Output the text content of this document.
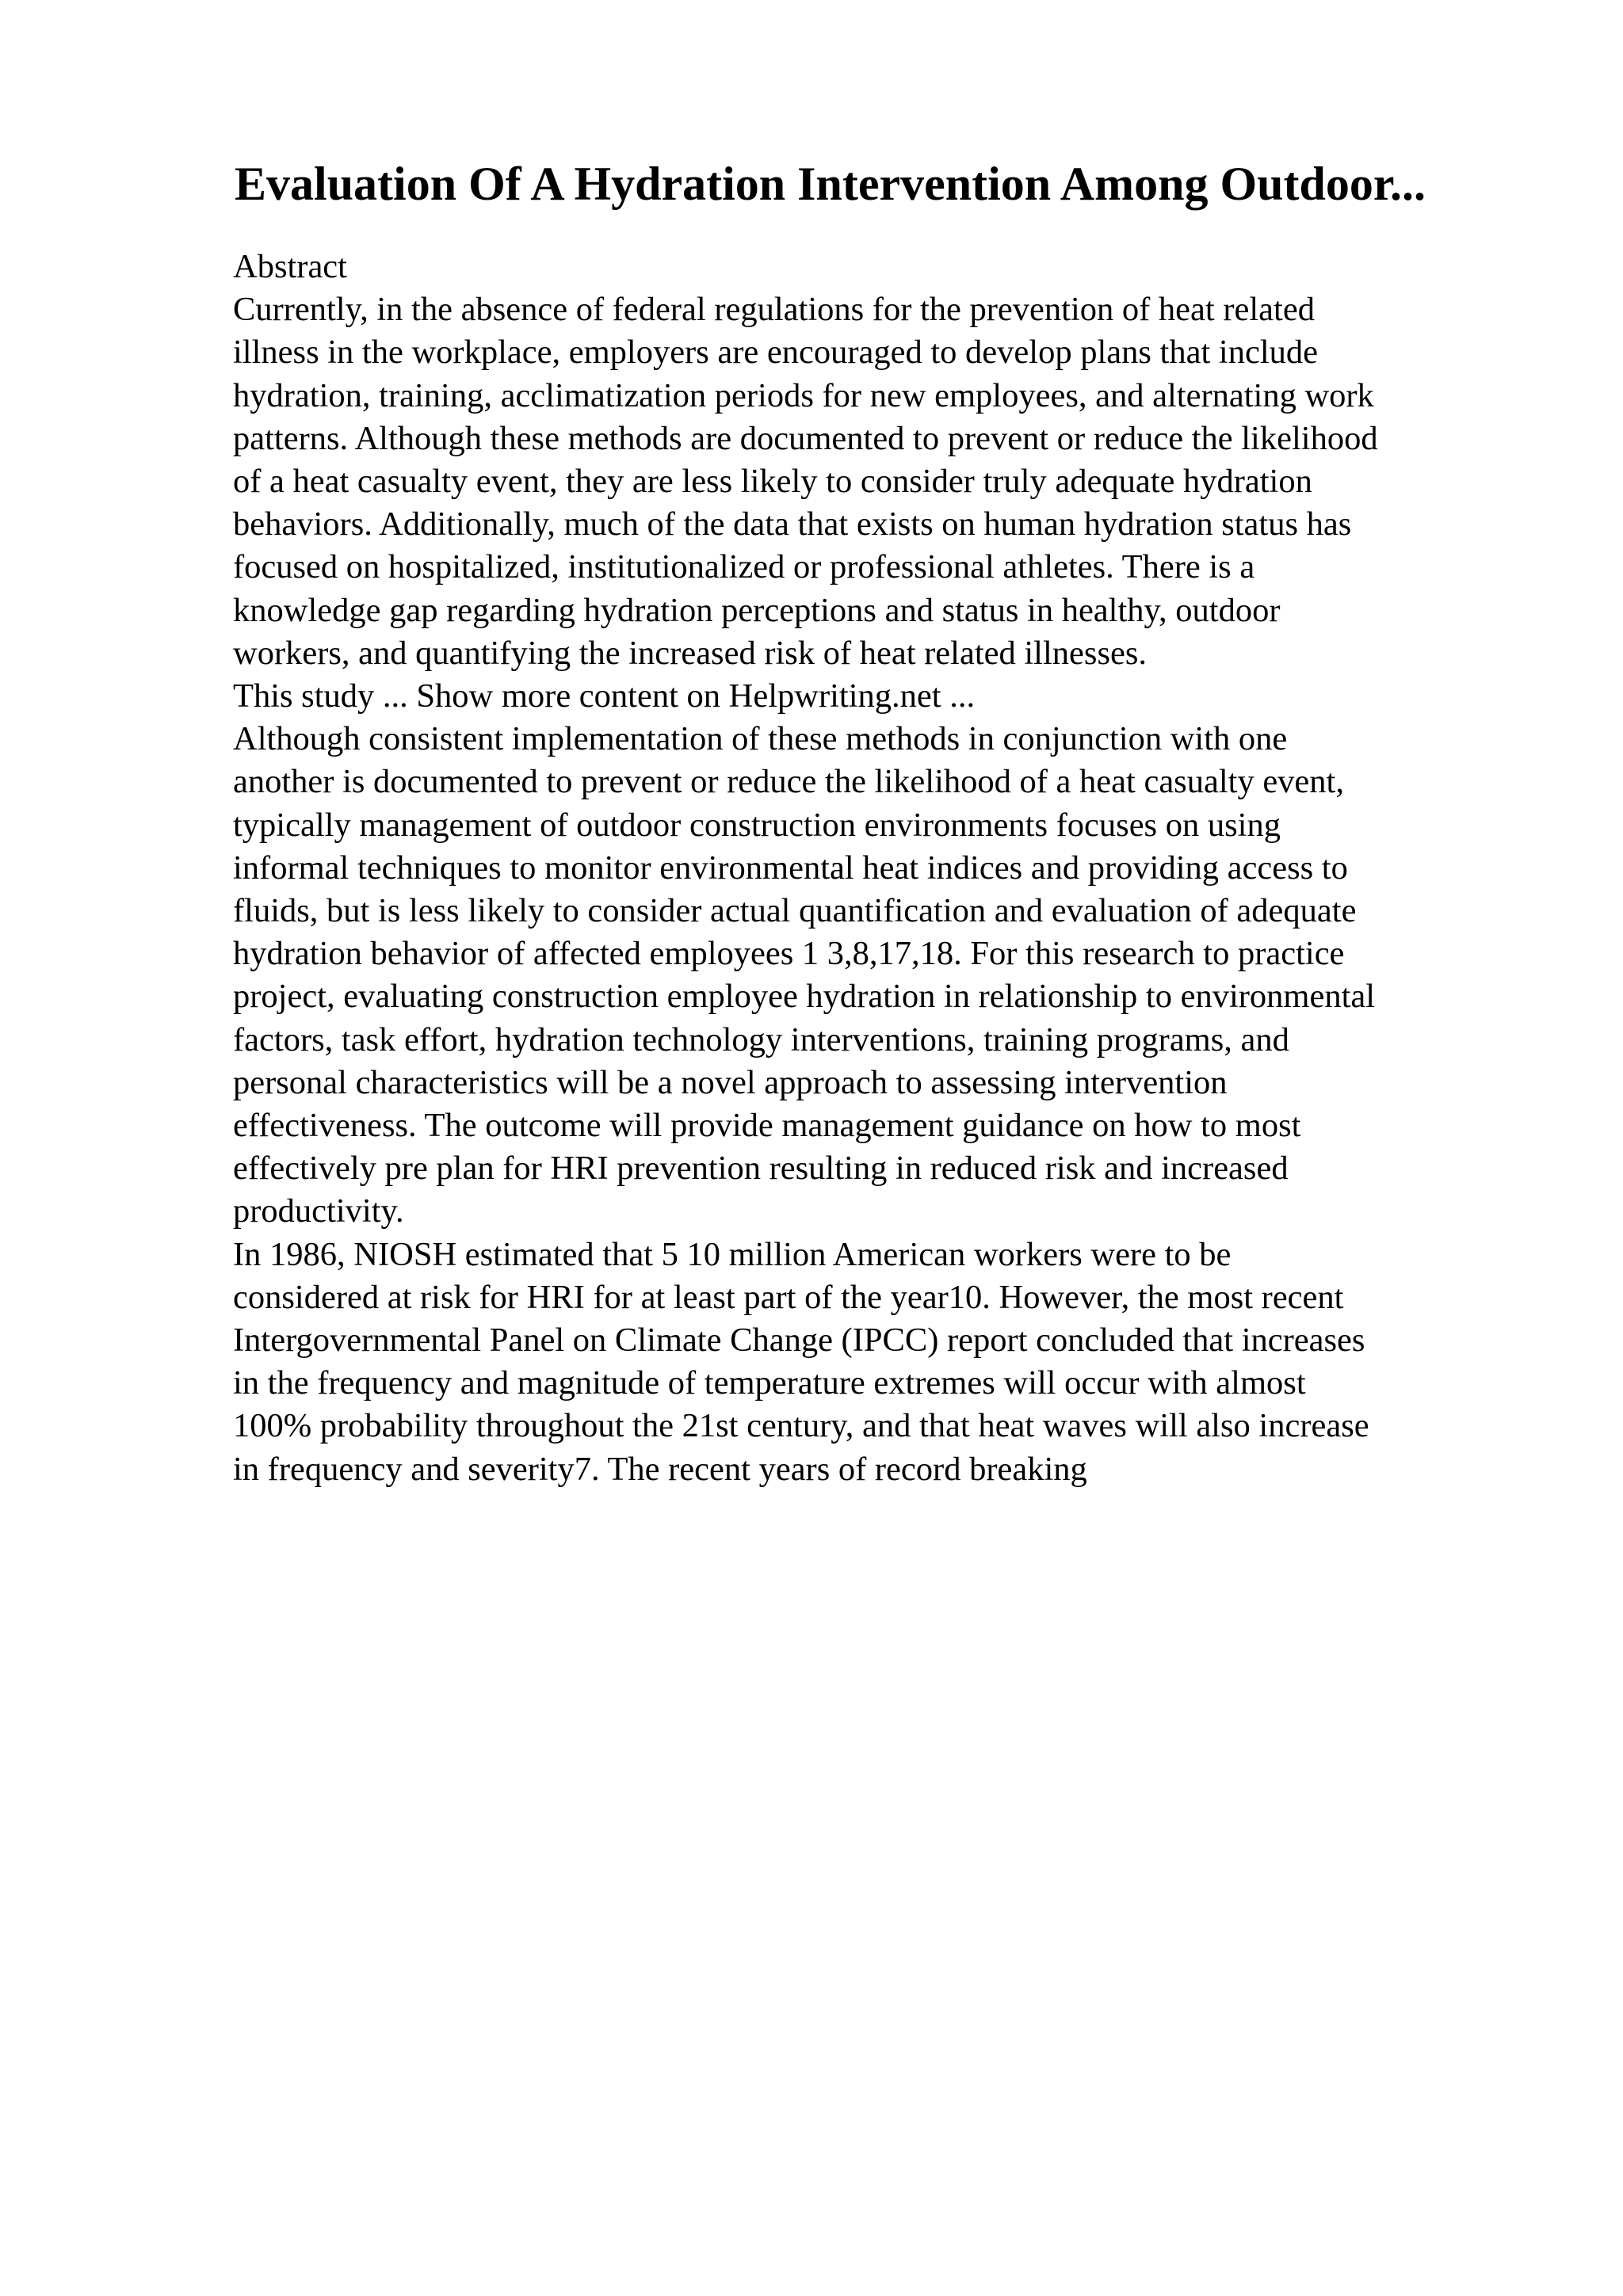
Evaluation Of A Hydration Intervention Among Outdoor...
Abstract
Currently, in the absence of federal regulations for the prevention of heat related
illness in the workplace, employers are encouraged to develop plans that include
hydration, training, acclimatization periods for new employees, and alternating work
patterns. Although these methods are documented to prevent or reduce the likelihood
of a heat casualty event, they are less likely to consider truly adequate hydration
behaviors. Additionally, much of the data that exists on human hydration status has
focused on hospitalized, institutionalized or professional athletes. There is a
knowledge gap regarding hydration perceptions and status in healthy, outdoor
workers, and quantifying the increased risk of heat related illnesses.
This study ... Show more content on Helpwriting.net ...
Although consistent implementation of these methods in conjunction with one
another is documented to prevent or reduce the likelihood of a heat casualty event,
typically management of outdoor construction environments focuses on using
informal techniques to monitor environmental heat indices and providing access to
fluids, but is less likely to consider actual quantification and evaluation of adequate
hydration behavior of affected employees 1 3,8,17,18. For this research to practice
project, evaluating construction employee hydration in relationship to environmental
factors, task effort, hydration technology interventions, training programs, and
personal characteristics will be a novel approach to assessing intervention
effectiveness. The outcome will provide management guidance on how to most
effectively pre plan for HRI prevention resulting in reduced risk and increased
productivity.
In 1986, NIOSH estimated that 5 10 million American workers were to be
considered at risk for HRI for at least part of the year10. However, the most recent
Intergovernmental Panel on Climate Change (IPCC) report concluded that increases
in the frequency and magnitude of temperature extremes will occur with almost
100% probability throughout the 21st century, and that heat waves will also increase
in frequency and severity7. The recent years of record breaking
